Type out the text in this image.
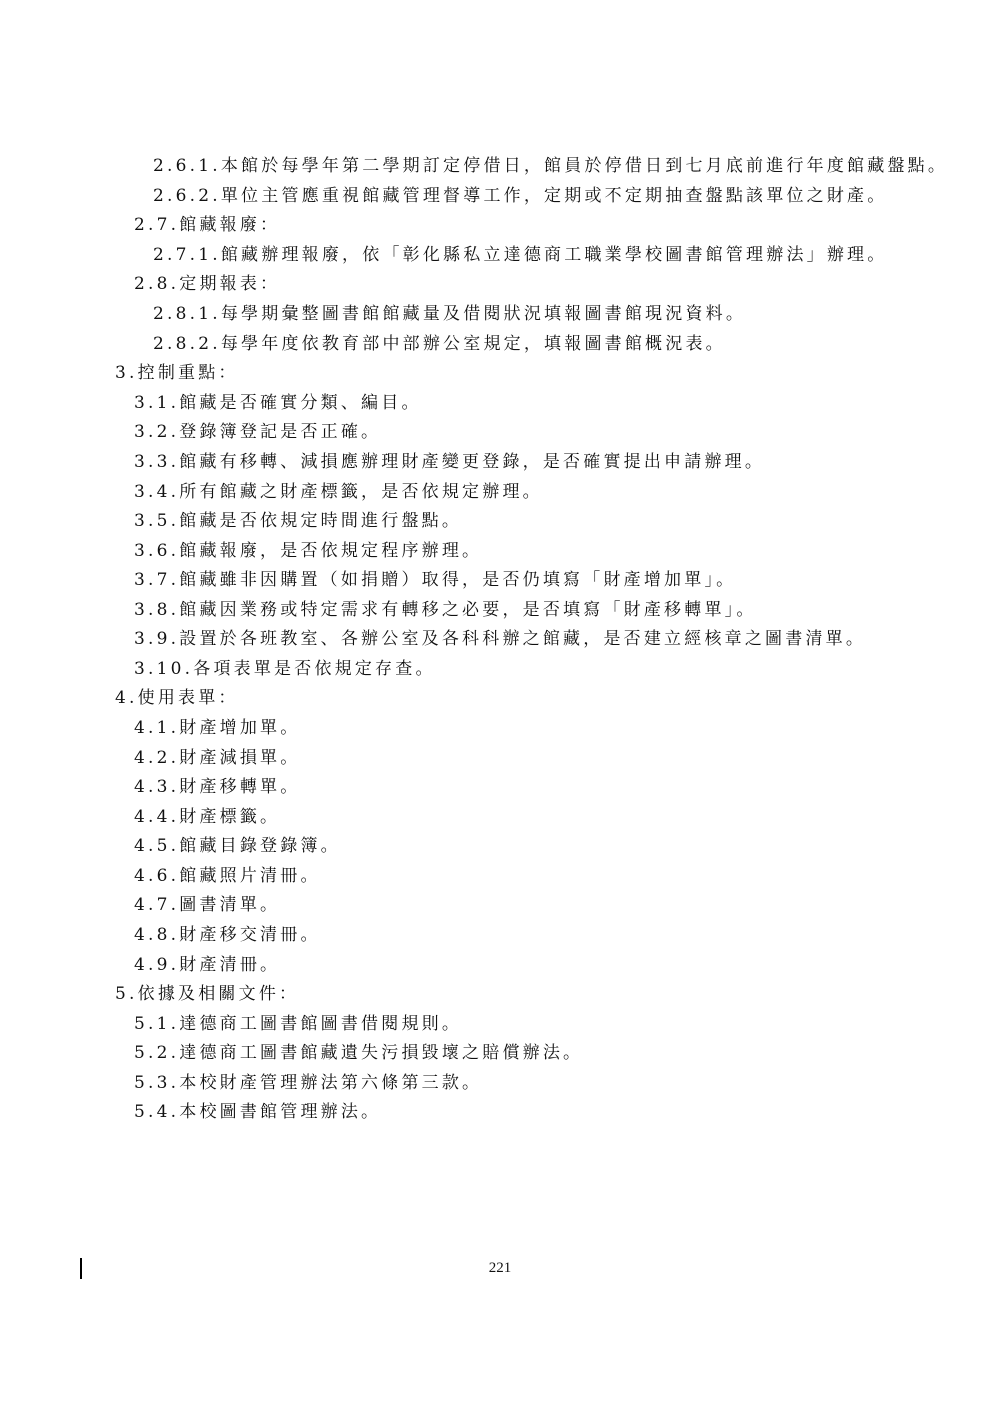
2.6.1.本館於每學年第二學期訂定停借日，館員於停借日到七月底前進行年度館藏盤點。
2.6.2.單位主管應重視館藏管理督導工作，定期或不定期抽查盤點該單位之財產。
2.7.館藏報廢：
2.7.1.館藏辦理報廢，依「彰化縣私立達德商工職業學校圖書館管理辦法」辦理。
2.8.定期報表：
2.8.1.每學期彙整圖書館館藏量及借閱狀況填報圖書館現況資料。
2.8.2.每學年度依教育部中部辦公室規定，填報圖書館概況表。
3.控制重點：
3.1.館藏是否確實分類、編目。
3.2.登錄簿登記是否正確。
3.3.館藏有移轉、減損應辦理財產變更登錄，是否確實提出申請辦理。
3.4.所有館藏之財產標籤，是否依規定辦理。
3.5.館藏是否依規定時間進行盤點。
3.6.館藏報廢，是否依規定程序辦理。
3.7.館藏雖非因購置（如捐贈）取得，是否仍填寫「財產增加單」。
3.8.館藏因業務或特定需求有轉移之必要，是否填寫「財產移轉單」。
3.9.設置於各班教室、各辦公室及各科科辦之館藏，是否建立經核章之圖書清單。
3.10.各項表單是否依規定存查。
4.使用表單：
4.1.財產增加單。
4.2.財產減損單。
4.3.財產移轉單。
4.4.財產標籤。
4.5.館藏目錄登錄簿。
4.6.館藏照片清冊。
4.7.圖書清單。
4.8.財產移交清冊。
4.9.財產清冊。
5.依據及相關文件：
5.1.達德商工圖書館圖書借閱規則。
5.2.達德商工圖書館藏遺失污損毀壞之賠償辦法。
5.3.本校財產管理辦法第六條第三款。
5.4.本校圖書館管理辦法。
221
